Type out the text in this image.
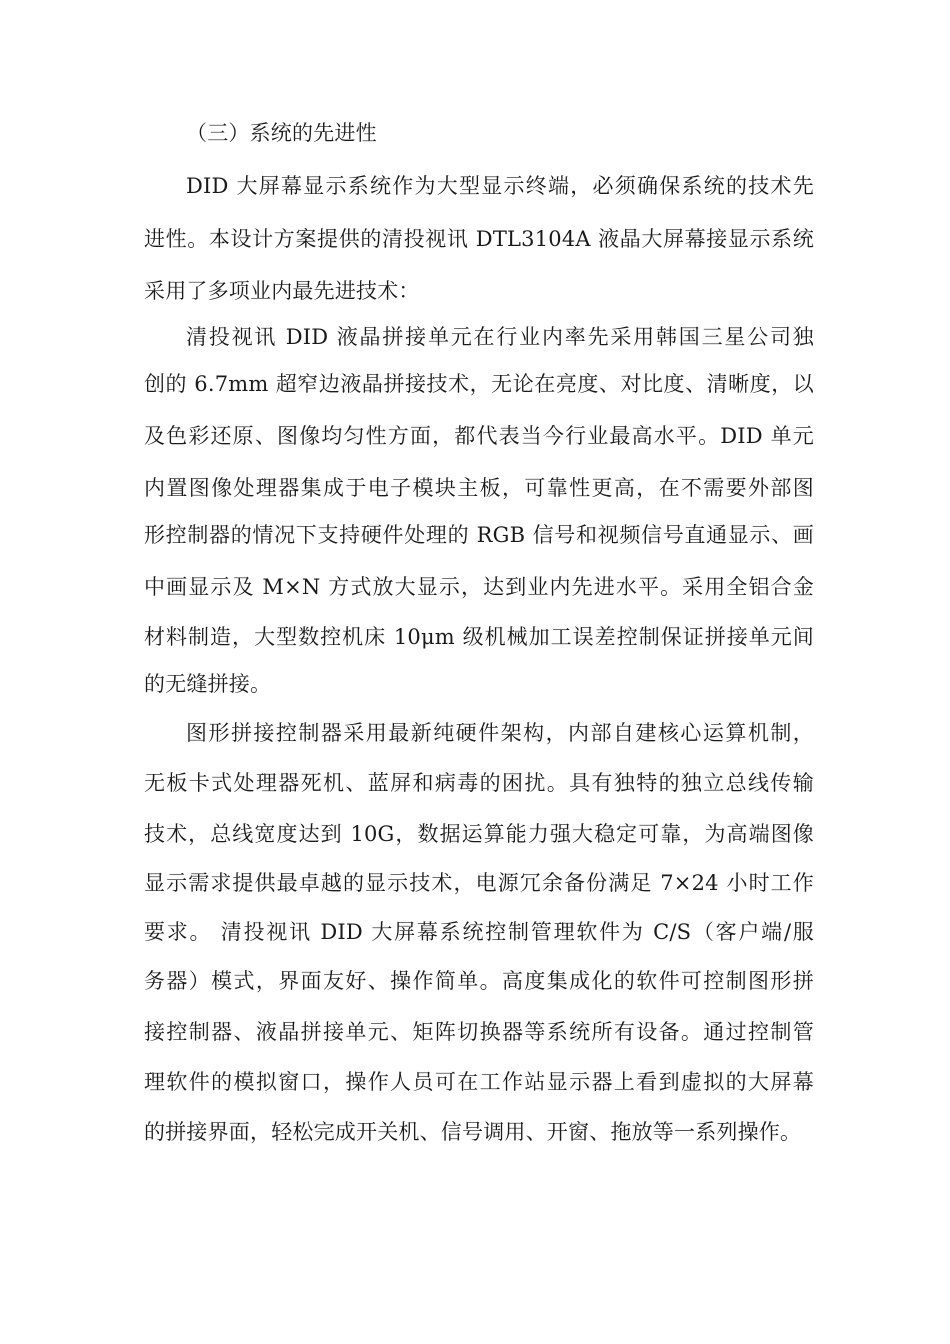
（三）系统的先进性
DID 大屏幕显示系统作为大型显示终端，必须确保系统的技术先
进性。本设计方案提供的清投视讯 DTL3104A 液晶大屏幕接显示系统
采用了多项业内最先进技术：
清投视讯 DID 液晶拼接单元在行业内率先采用韩国三星公司独
创的 6.7mm 超窄边液晶拼接技术，无论在亮度、对比度、清晰度，以
及色彩还原、图像均匀性方面，都代表当今行业最高水平。DID 单元
内置图像处理器集成于电子模块主板，可靠性更高，在不需要外部图
形控制器的情况下支持硬件处理的 RGB 信号和视频信号直通显示、画
中画显示及 M×N 方式放大显示，达到业内先进水平。采用全铝合金
材料制造，大型数控机床 10μm 级机械加工误差控制保证拼接单元间
的无缝拼接。
图形拼接控制器采用最新纯硬件架构，内部自建核心运算机制，
无板卡式处理器死机、蓝屏和病毒的困扰。具有独特的独立总线传输
技术，总线宽度达到 10G，数据运算能力强大稳定可靠，为高端图像
显示需求提供最卓越的显示技术，电源冗余备份满足 7×24 小时工作
要求。 清投视讯 DID 大屏幕系统控制管理软件为 C/S（客户端/服
务器）模式，界面友好、操作简单。高度集成化的软件可控制图形拼
接控制器、液晶拼接单元、矩阵切换器等系统所有设备。通过控制管
理软件的模拟窗口，操作人员可在工作站显示器上看到虚拟的大屏幕
的拼接界面，轻松完成开关机、信号调用、开窗、拖放等一系列操作。
